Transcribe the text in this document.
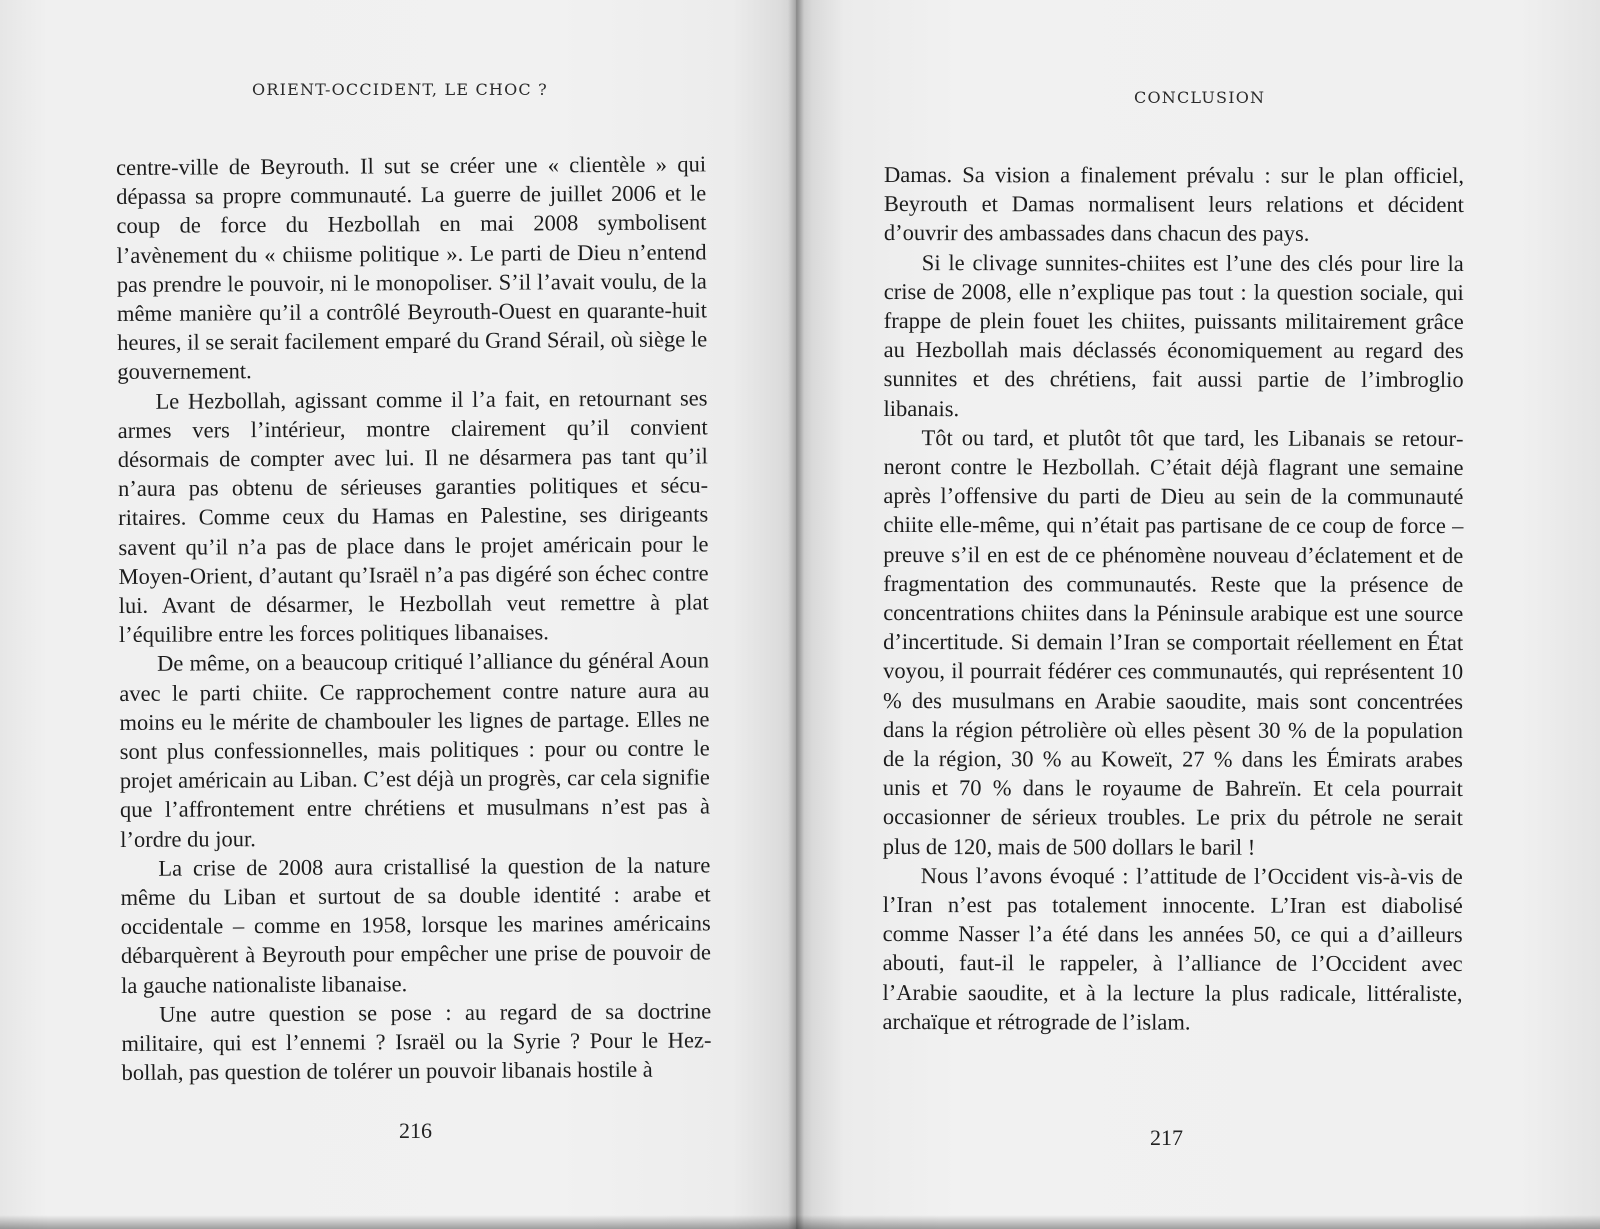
ORIENT-OCCIDENT, LE CHOC ?

centre-ville de Beyrouth. Il sut se créer une « clientèle » qui dépassa sa propre communauté. La guerre de juillet 2006 et le coup de force du Hezbollah en mai 2008 symbolisent l’avènement du « chiisme politique ». Le parti de Dieu n’entend pas prendre le pouvoir, ni le monopoliser. S’il l’avait voulu, de la même manière qu’il a contrôlé Beyrouth-Ouest en quarante-huit heures, il se serait facilement emparé du Grand Sérail, où siège le gouvernement.

Le Hezbollah, agissant comme il l’a fait, en retournant ses armes vers l’intérieur, montre clairement qu’il convient désormais de compter avec lui. Il ne désarmera pas tant qu’il n’aura pas obtenu de sérieuses garanties politiques et sécuritaires. Comme ceux du Hamas en Palestine, ses dirigeants savent qu’il n’a pas de place dans le projet américain pour le Moyen-Orient, d’autant qu’Israël n’a pas digéré son échec contre lui. Avant de désarmer, le Hezbollah veut remettre à plat l’équilibre entre les forces politiques libanaises.

De même, on a beaucoup critiqué l’alliance du général Aoun avec le parti chiite. Ce rapprochement contre nature aura au moins eu le mérite de chambouler les lignes de partage. Elles ne sont plus confessionnelles, mais politiques : pour ou contre le projet américain au Liban. C’est déjà un progrès, car cela signifie que l’affrontement entre chrétiens et musulmans n’est pas à l’ordre du jour.

La crise de 2008 aura cristallisé la question de la nature même du Liban et surtout de sa double identité : arabe et occidentale – comme en 1958, lorsque les marines américains débarquèrent à Beyrouth pour empêcher une prise de pouvoir de la gauche nationaliste libanaise.

Une autre question se pose : au regard de sa doctrine militaire, qui est l’ennemi ? Israël ou la Syrie ? Pour le Hezbollah, pas question de tolérer un pouvoir libanais hostile à

216
CONCLUSION

Damas. Sa vision a finalement prévalu : sur le plan officiel, Beyrouth et Damas normalisent leurs relations et décident d’ouvrir des ambassades dans chacun des pays.

Si le clivage sunnites-chiites est l’une des clés pour lire la crise de 2008, elle n’explique pas tout : la question sociale, qui frappe de plein fouet les chiites, puissants militairement grâce au Hezbollah mais déclassés économiquement au regard des sunnites et des chrétiens, fait aussi partie de l’imbroglio libanais.

Tôt ou tard, et plutôt tôt que tard, les Libanais se retourneront contre le Hezbollah. C’était déjà flagrant une semaine après l’offensive du parti de Dieu au sein de la communauté chiite elle-même, qui n’était pas partisane de ce coup de force – preuve s’il en est de ce phénomène nouveau d’éclatement et de fragmentation des communautés. Reste que la présence de concentrations chiites dans la Péninsule arabique est une source d’incertitude. Si demain l’Iran se comportait réellement en État voyou, il pourrait fédérer ces communautés, qui représentent 10 % des musulmans en Arabie saoudite, mais sont concentrées dans la région pétrolière où elles pèsent 30 % de la population de la région, 30 % au Koweït, 27 % dans les Émirats arabes unis et 70 % dans le royaume de Bahreïn. Et cela pourrait occasionner de sérieux troubles. Le prix du pétrole ne serait plus de 120, mais de 500 dollars le baril !

Nous l’avons évoqué : l’attitude de l’Occident vis-à-vis de l’Iran n’est pas totalement innocente. L’Iran est diabolisé comme Nasser l’a été dans les années 50, ce qui a d’ailleurs abouti, faut-il le rappeler, à l’alliance de l’Occident avec l’Arabie saoudite, et à la lecture la plus radicale, littéraliste, archaïque et rétrograde de l’islam.

217
